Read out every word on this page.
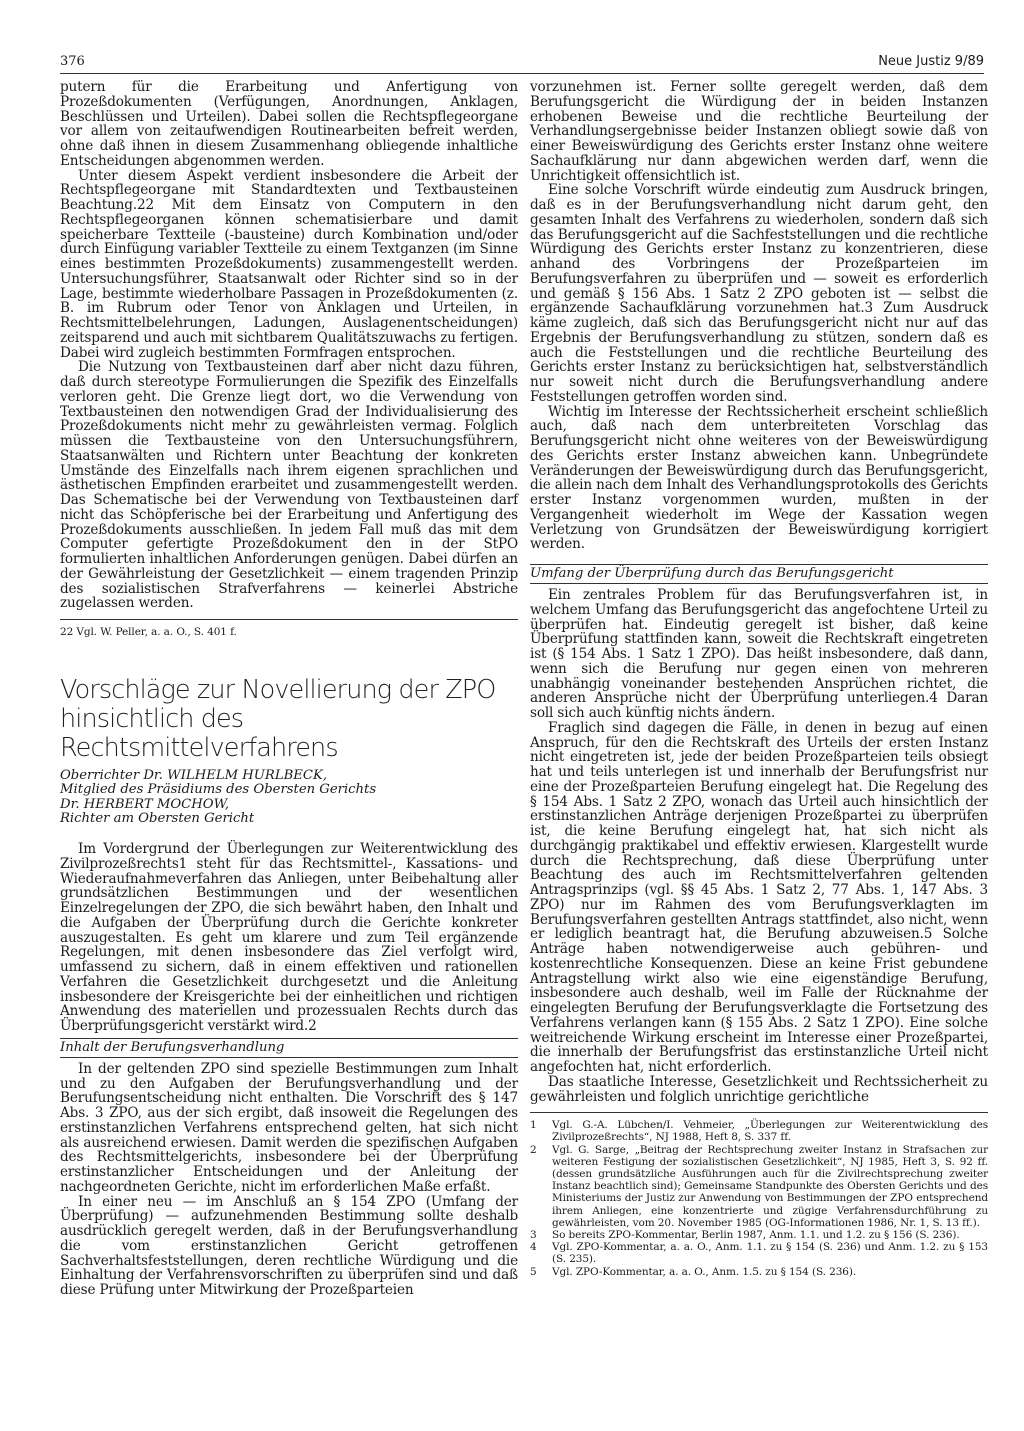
376	Neue Justiz 9/89

putern für die Erarbeitung und Anfertigung von Prozeßdokumenten (Verfügungen, Anordnungen, Anklagen, Beschlüssen und Urteilen). Dabei sollen die Rechtspflegeorgane vor allem von zeitaufwendigen Routinearbeiten befreit werden, ohne daß ihnen in diesem Zusammenhang obliegende inhaltliche Entscheidungen abgenommen werden.

Unter diesem Aspekt verdient insbesondere die Arbeit der Rechtspflegeorgane mit Standardtexten und Textbausteinen Beachtung.22 Mit dem Einsatz von Computern in den Rechtspflegeorganen können schematisierbare und damit speicherbare Textteile (-bausteine) durch Kombination und/oder durch Einfügung variabler Textteile zu einem Textganzen (im Sinne eines bestimmten Prozeßdokuments) zusammengestellt werden. Untersuchungsführer, Staatsanwalt oder Richter sind so in der Lage, bestimmte wiederholbare Passagen in Prozeßdokumenten (z. B. im Rubrum oder Tenor von Anklagen und Urteilen, in Rechtsmittelbelehrungen, Ladungen, Auslagenentscheidungen) zeitsparend und auch mit sichtbarem Qualitätszuwachs zu fertigen. Dabei wird zugleich bestimmten Formfragen entsprochen.

Die Nutzung von Textbausteinen darf aber nicht dazu führen, daß durch stereotype Formulierungen die Spezifik des Einzelfalls verloren geht. Die Grenze liegt dort, wo die Verwendung von Textbausteinen den notwendigen Grad der Individualisierung des Prozeßdokuments nicht mehr zu gewährleisten vermag. Folglich müssen die Textbausteine von den Untersuchungsführern, Staatsanwälten und Richtern unter Beachtung der konkreten Umstände des Einzelfalls nach ihrem eigenen sprachlichen und ästhetischen Empfinden erarbeitet und zusammengestellt werden. Das Schematische bei der Verwendung von Textbausteinen darf nicht das Schöpferische bei der Erarbeitung und Anfertigung des Prozeßdokuments ausschließen. In jedem Fall muß das mit dem Computer gefertigte Prozeßdokument den in der StPO formulierten inhaltlichen Anforderungen genügen. Dabei dürfen an der Gewährleistung der Gesetzlichkeit — einem tragenden Prinzip des sozialistischen Strafverfahrens — keinerlei Abstriche zugelassen werden.

22 Vgl. W. Peller, a. a. O., S. 401 f.
Vorschläge zur Novellierung der ZPO hinsichtlich des Rechtsmittelverfahrens
Oberrichter Dr. WILHELM HURLBECK,
Mitglied des Präsidiums des Obersten Gerichts
Dr. HERBERT MOCHOW,
Richter am Obersten Gericht

Im Vordergrund der Überlegungen zur Weiterentwicklung des Zivilprozeßrechts1 steht für das Rechtsmittel-, Kassations- und Wiederaufnahmeverfahren das Anliegen, unter Beibehaltung aller grundsätzlichen Bestimmungen und der wesentlichen Einzelregelungen der ZPO, die sich bewährt haben, den Inhalt und die Aufgaben der Überprüfung durch die Gerichte konkreter auszugestalten. Es geht um klarere und zum Teil ergänzende Regelungen, mit denen insbesondere das Ziel verfolgt wird, umfassend zu sichern, daß in einem effektiven und rationellen Verfahren die Gesetzlichkeit durchgesetzt und die Anleitung insbesondere der Kreisgerichte bei der einheitlichen und richtigen Anwendung des materiellen und prozessualen Rechts durch das Überprüfungsgericht verstärkt wird.2

Inhalt der Berufungsverhandlung

In der geltenden ZPO sind spezielle Bestimmungen zum Inhalt und zu den Aufgaben der Berufungsverhandlung und der Berufungsentscheidung nicht enthalten. Die Vorschrift des § 147 Abs. 3 ZPO, aus der sich ergibt, daß insoweit die Regelungen des erstinstanzlichen Verfahrens entsprechend gelten, hat sich nicht als ausreichend erwiesen. Damit werden die spezifischen Aufgaben des Rechtsmittelgerichts, insbesondere bei der Überprüfung erstinstanzlicher Entscheidungen und der Anleitung der nachgeordneten Gerichte, nicht im erforderlichen Maße erfaßt.

In einer neu — im Anschluß an § 154 ZPO (Umfang der Überprüfung) — aufzunehmenden Bestimmung sollte deshalb ausdrücklich geregelt werden, daß in der Berufungsverhandlung die vom erstinstanzlichen Gericht getroffenen Sachverhaltsfeststellungen, deren rechtliche Würdigung und die Einhaltung der Verfahrensvorschriften zu überprüfen sind und daß diese Prüfung unter Mitwirkung der Prozeßparteien

vorzunehmen ist. Ferner sollte geregelt werden, daß dem Berufungsgericht die Würdigung der in beiden Instanzen erhobenen Beweise und die rechtliche Beurteilung der Verhandlungsergebnisse beider Instanzen obliegt sowie daß von einer Beweiswürdigung des Gerichts erster Instanz ohne weitere Sachaufklärung nur dann abgewichen werden darf, wenn die Unrichtigkeit offensichtlich ist.

Eine solche Vorschrift würde eindeutig zum Ausdruck bringen, daß es in der Berufungsverhandlung nicht darum geht, den gesamten Inhalt des Verfahrens zu wiederholen, sondern daß sich das Berufungsgericht auf die Sachfeststellungen und die rechtliche Würdigung des Gerichts erster Instanz zu konzentrieren, diese anhand des Vorbringens der Prozeßparteien im Berufungsverfahren zu überprüfen und — soweit es erforderlich und gemäß § 156 Abs. 1 Satz 2 ZPO geboten ist — selbst die ergänzende Sachaufklärung vorzunehmen hat.3 Zum Ausdruck käme zugleich, daß sich das Berufungsgericht nicht nur auf das Ergebnis der Berufungsverhandlung zu stützen, sondern daß es auch die Feststellungen und die rechtliche Beurteilung des Gerichts erster Instanz zu berücksichtigen hat, selbstverständlich nur soweit nicht durch die Berufungsverhandlung andere Feststellungen getroffen worden sind.

Wichtig im Interesse der Rechtssicherheit erscheint schließlich auch, daß nach dem unterbreiteten Vorschlag das Berufungsgericht nicht ohne weiteres von der Beweiswürdigung des Gerichts erster Instanz abweichen kann. Unbegründete Veränderungen der Beweiswürdigung durch das Berufungsgericht, die allein nach dem Inhalt des Verhandlungsprotokolls des Gerichts erster Instanz vorgenommen wurden, mußten in der Vergangenheit wiederholt im Wege der Kassation wegen Verletzung von Grundsätzen der Beweiswürdigung korrigiert werden.

Umfang der Überprüfung durch das Berufungsgericht

Ein zentrales Problem für das Berufungsverfahren ist, in welchem Umfang das Berufungsgericht das angefochtene Urteil zu überprüfen hat. Eindeutig geregelt ist bisher, daß keine Überprüfung stattfinden kann, soweit die Rechtskraft eingetreten ist (§ 154 Abs. 1 Satz 1 ZPO). Das heißt insbesondere, daß dann, wenn sich die Berufung nur gegen einen von mehreren unabhängig voneinander bestehenden Ansprüchen richtet, die anderen Ansprüche nicht der Überprüfung unterliegen.4 Daran soll sich auch künftig nichts ändern.

Fraglich sind dagegen die Fälle, in denen in bezug auf einen Anspruch, für den die Rechtskraft des Urteils der ersten Instanz nicht eingetreten ist, jede der beiden Prozeßparteien teils obsiegt hat und teils unterlegen ist und innerhalb der Berufungsfrist nur eine der Prozeßparteien Berufung eingelegt hat. Die Regelung des § 154 Abs. 1 Satz 2 ZPO, wonach das Urteil auch hinsichtlich der erstinstanzlichen Anträge derjenigen Prozeßpartei zu überprüfen ist, die keine Berufung eingelegt hat, hat sich nicht als durchgängig praktikabel und effektiv erwiesen. Klargestellt wurde durch die Rechtsprechung, daß diese Überprüfung unter Beachtung des auch im Rechtsmittelverfahren geltenden Antragsprinzips (vgl. §§ 45 Abs. 1 Satz 2, 77 Abs. 1, 147 Abs. 3 ZPO) nur im Rahmen des vom Berufungsverklagten im Berufungsverfahren gestellten Antrags stattfindet, also nicht, wenn er lediglich beantragt hat, die Berufung abzuweisen.5 Solche Anträge haben notwendigerweise auch gebühren- und kostenrechtliche Konsequenzen. Diese an keine Frist gebundene Antragstellung wirkt also wie eine eigenständige Berufung, insbesondere auch deshalb, weil im Falle der Rücknahme der eingelegten Berufung der Berufungsverklagte die Fortsetzung des Verfahrens verlangen kann (§ 155 Abs. 2 Satz 1 ZPO). Eine solche weitreichende Wirkung erscheint im Interesse einer Prozeßpartei, die innerhalb der Berufungsfrist das erstinstanzliche Urteil nicht angefochten hat, nicht erforderlich.

Das staatliche Interesse, Gesetzlichkeit und Rechtssicherheit zu gewährleisten und folglich unrichtige gerichtliche

1	Vgl. G.-A. Lübchen/I. Vehmeier, „Überlegungen zur Weiterentwicklung des Zivilprozeßrechts“, NJ 1988, Heft 8, S. 337 ff.
2	Vgl. G. Sarge, „Beitrag der Rechtsprechung zweiter Instanz in Strafsachen zur weiteren Festigung der sozialistischen Gesetzlichkeit“, NJ 1985, Heft 3, S. 92 ff. (dessen grundsätzliche Ausführungen auch für die Zivilrechtsprechung zweiter Instanz beachtlich sind); Gemeinsame Standpunkte des Obersten Gerichts und des Ministeriums der Justiz zur Anwendung von Bestimmungen der ZPO entsprechend ihrem Anliegen, eine konzentrierte und zügige Verfahrensdurchführung zu gewährleisten, vom 20. November 1985 (OG-Informationen 1986, Nr. 1, S. 13 ff.).
3	So bereits ZPO-Kommentar, Berlin 1987, Anm. 1.1. und 1.2. zu § 156 (S. 236).
4	Vgl. ZPO-Kommentar, a. a. O., Anm. 1.1. zu § 154 (S. 236) und Anm. 1.2. zu § 153 (S. 235).
5	Vgl. ZPO-Kommentar, a. a. O., Anm. 1.5. zu § 154 (S. 236).
